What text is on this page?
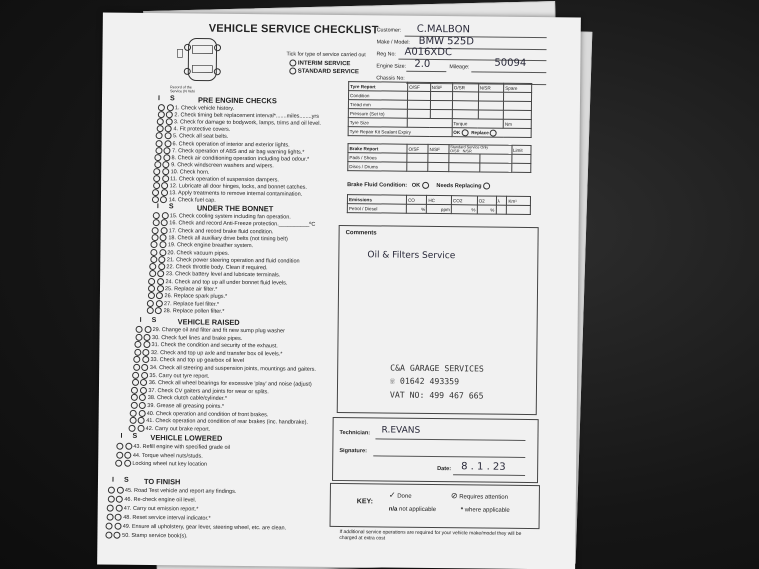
VEHICLE SERVICE CHECKLIST
Record of the Service (N Vehi
Tick for type of service carried out
INTERIM SERVICE
STANDARD SERVICE
Customer: C.MALBON
Make / Model: BMW 525D
Reg No: A016XDC
Engine Size: 2.0	Mileage: 50094
Chassis No:
I S	PRE ENGINE CHECKS
1. Check vehicle history.
2. Check timing belt replacement interval*.......miles........yrs
3. Check for damage to bodywork, lamps, trims and oil level.
4. Fit protective covers.
5. Check all seat belts.
6. Check operation of interior and exterior lights.
7. Check operation of ABS and air bag warning lights.*
8. Check air conditioning operation including bad odour.*
9. Check windscreen washers and wipers.
10. Check horn.
11. Check operation of suspension dampers.
12. Lubricate all door hinges, locks, and bonnet catches.
13. Apply treatments to remove internal contamination.
14. Check fuel cap.
I S	UNDER THE BONNET
15. Check cooling system including fan operation.
16. Check and record Anti-Freeze protection.__________ºC
17. Check and record brake fluid condition.
18. Check all auxiliary drive belts (not timing belt)
19. Check engine breather system.
20. Check vacuum pipes.
21. Check power steering operation and fluid condition
22. Check throttle body. Clean if required.
23. Check battery level and lubricate terminals.
24. Check and top up all under bonnet fluid levels.
25. Replace air filter.*
26. Replace spark plugs.*
27. Replace fuel filter.*
28. Replace pollen filter.*
I S	VEHICLE RAISED
29. Change oil and filter and fit new sump plug washer
30. Check fuel lines and brake pipes.
31. Check the condition and security of the exhaust.
32. Check and top up axle and transfer box oil levels.*
33. Check and top up gearbox oil level
34. Check all steering and suspension joints, mountings and gaiters.
35. Carry out tyre report.
36. Check all wheel bearings for excessive 'play' and noise (adjust)
37. Check CV gaiters and joints for wear or splits.
38. Check clutch cable/cylinder.*
39. Grease all greasing points.*
40. Check operation and condition of front brakes.
41. Check operation and condition of rear brakes (inc. handbrake).
42. Carry out brake report.
I S VEHICLE LOWERED
43. Refill engine with specified grade oil
44. Torque wheel nuts/studs.
Locking wheel nut key location
I S TO FINISH
45. Road Test vehicle and report any findings.
46. Re-check engine oil level.
47. Carry out emission report.*
48. Reset service interval indicator.*
49. Ensure all upholstery, gear lever, steering wheel, etc. are clean.
50. Stamp service book(s).
Tyre Report	O/SF	N/SF	O/SR	N/SR	Spare
Condition					
Tread mm					
Pressure (Set to)					
Tyre Size			Torque		Nm
Tyre Repair Kit Sealant Expiry			OK Replace		
Brake Report	O/SF	N/SF	Standard Service Only
O/SR N/SR		Limit
Pads / Shoes					
Discs / Drums					
Brake Fluid Condition: OK	Needs Replacing
Emissions	CO	HC	CO2	O2	λ	Km¹
Petrol / Diesel	%	ppm	%	%		
Comments
Oil & Filters Service
C&A GARAGE SERVICES
☏ 01642 493359
VAT NO: 499 467 665
Technician: R.EVANS
Signature:
Date: 8 . 1 . 23
KEY:
✓ Done	⊘ Requires attention
n/a not applicable	* where applicable
If additional service operations are required for your vehicle make/model they will be charged at extra cost
